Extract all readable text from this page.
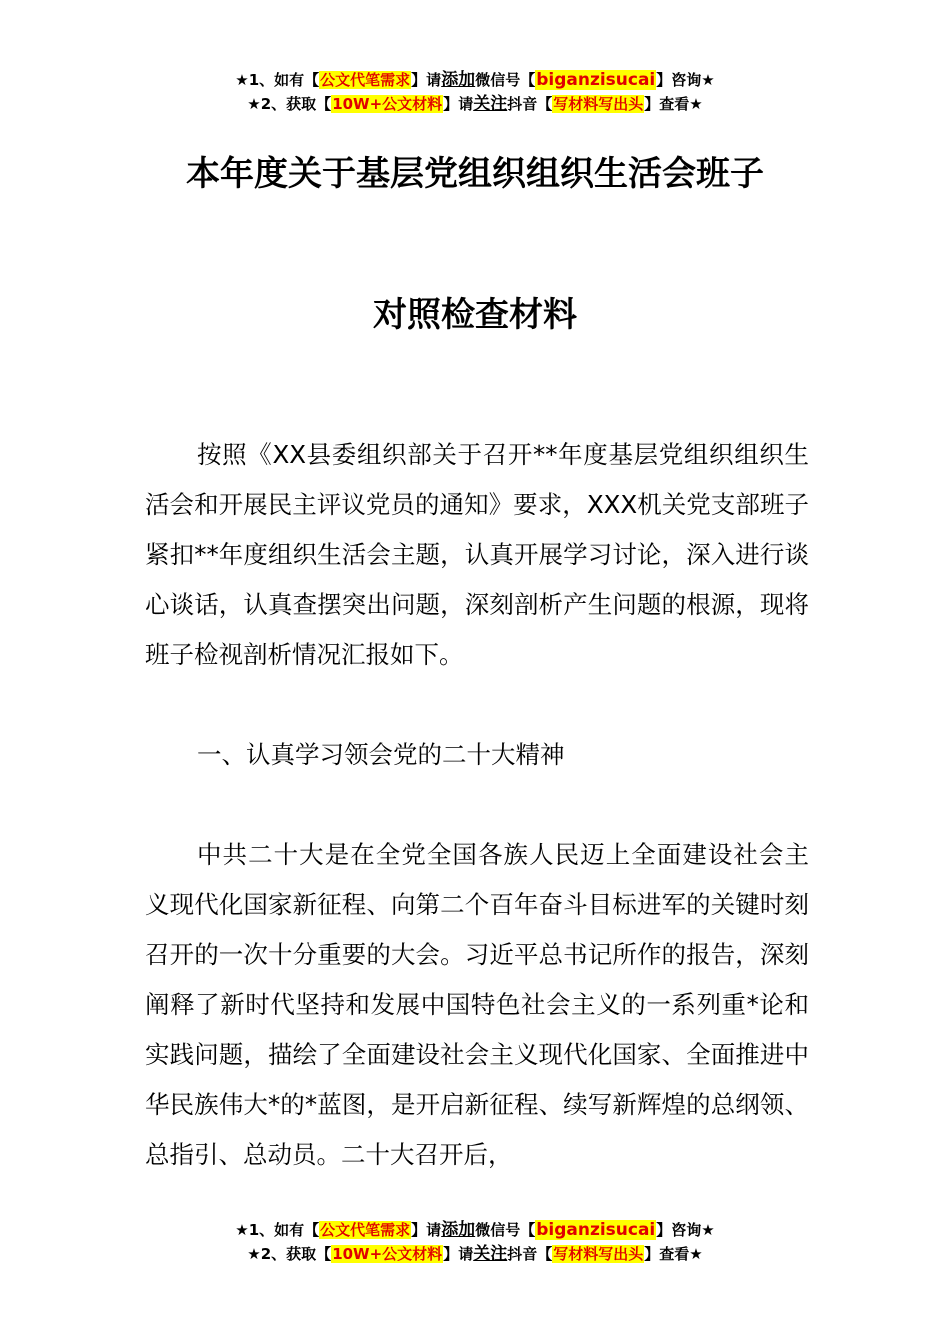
★1、如有【公文代笔需求】请添加微信号【biganzisucai】咨询★
★2、获取【10W+公文材料】请关注抖音【写材料写出头】查看★
本年度关于基层党组织组织生活会班子
对照检查材料

按照《XX县委组织部关于召开**年度基层党组织组织生活会和开展民主评议党员的通知》要求，XXX机关党支部班子紧扣**年度组织生活会主题，认真开展学习讨论，深入进行谈心谈话，认真查摆突出问题，深刻剖析产生问题的根源，现将班子检视剖析情况汇报如下。

一、认真学习领会党的二十大精神

中共二十大是在全党全国各族人民迈上全面建设社会主义现代化国家新征程、向第二个百年奋斗目标进军的关键时刻召开的一次十分重要的大会。习近平总书记所作的报告，深刻阐释了新时代坚持和发展中国特色社会主义的一系列重*论和实践问题，描绘了全面建设社会主义现代化国家、全面推进中华民族伟大*的*蓝图，是开启新征程、续写新辉煌的总纲领、总指引、总动员。二十大召开后，

★1、如有【公文代笔需求】请添加微信号【biganzisucai】咨询★
★2、获取【10W+公文材料】请关注抖音【写材料写出头】查看★
